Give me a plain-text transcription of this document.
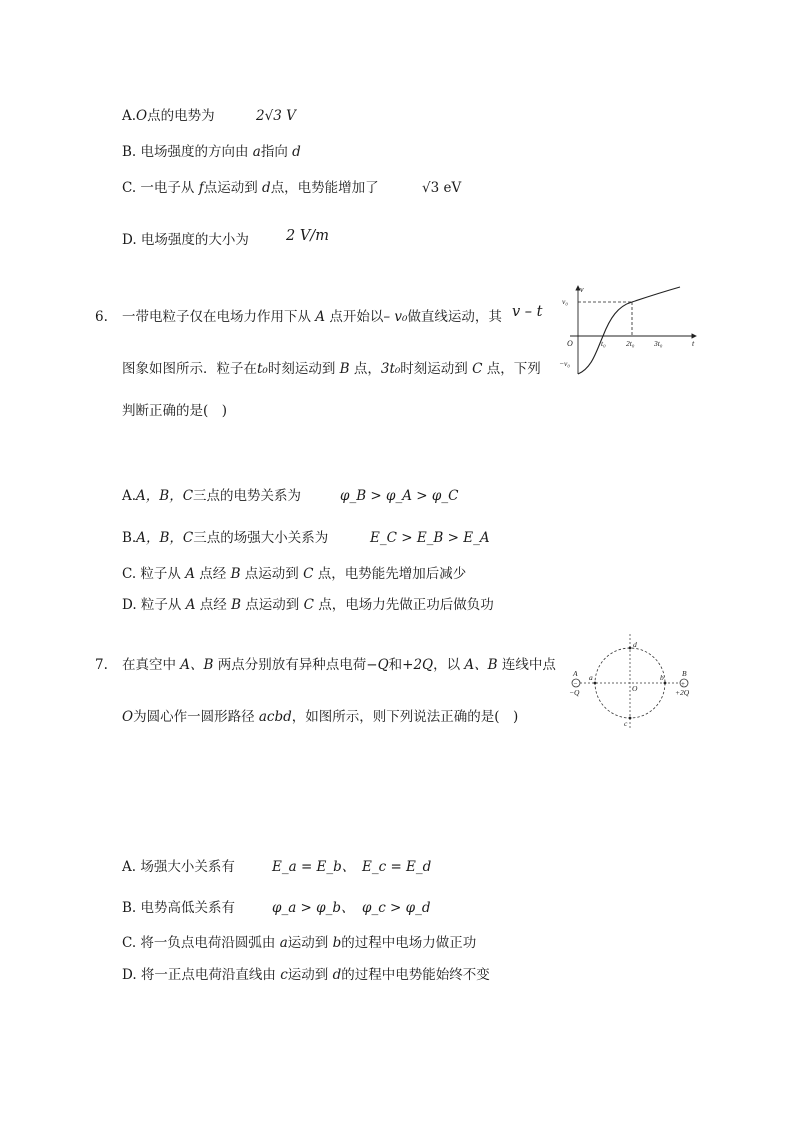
A.O点的电势为	2√3 V
B. 电场强度的方向由 a指向 d
C. 一电子从 f点运动到 d点，电势能增加了	√3 eV
D. 电场强度的大小为	2 V/m
6. 一带电粒子仅在电场力作用下从 A 点开始以– v₀做直线运动，其 v – t
图象如图所示．粒子在t₀时刻运动到 B 点，3t₀时刻运动到 C 点，下列
判断正确的是(　)
v
t
O
v₀
−v₀
t₀	2t₀	3t₀
A.A，B，C三点的电势关系为	φ_B > φ_A > φ_C
B.A，B，C三点的场强大小关系为	E_C > E_B > E_A
C. 粒子从 A 点经 B 点运动到 C 点，电势能先增加后减少
D. 粒子从 A 点经 B 点运动到 C 点，电场力先做正功后做负功
7. 在真空中 A、B 两点分别放有异种点电荷−Q和+2Q，以 A、B 连线中点
O为圆心作一圆形路径 acbd，如图所示，则下列说法正确的是(　)
−	+
A
−Q
B
+2Q
a	b
d
c
O
A. 场强大小关系有	E_a = E_b、 E_c = E_d
B. 电势高低关系有	φ_a > φ_b、 φ_c > φ_d
C. 将一负点电荷沿圆弧由 a运动到 b的过程中电场力做正功
D. 将一正点电荷沿直线由 c运动到 d的过程中电势能始终不变
